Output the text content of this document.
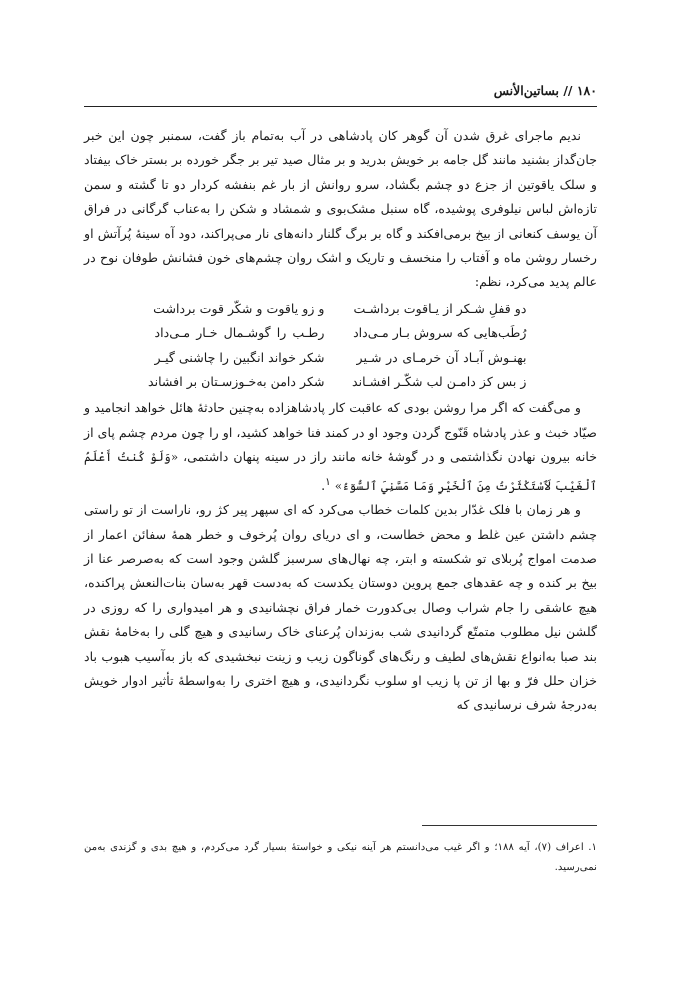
۱۸۰ // بساتین‌الأنس

ندیم ماجرای غرق شدن آن گوهر کان پادشاهی در آب به‌تمام باز گفت، سمنبر چون این خبر جان‌گداز بشنید مانند گل جامه بر خویش بدرید و بر مثال صید تیر بر جگر خورده بر بستر خاک بیفتاد و سلک یاقوتین از جزع دو چشم بگشاد، سرو روانش از بار غم بنفشه کردار دو تا گشته و سمن تازه‌اش لباس نیلوفری پوشیده، گاه سنبل مشک‌بوی و شمشاد و شکن را به‌عناب گرگانی در فراق آن یوسف کنعانی از بیخ برمی‌افکند و گاه بر برگ گلنار دانه‌های نار می‌پراکند، دود آه سینهٔ پُرآتش او رخسار روشن ماه و آفتاب را منخسف و تاریک و اشک روان چشم‌های خون فشانش طوفان نوح در عالم پدید می‌کرد، نظم:

دو قفلِ شـکر از یـاقوت برداشـت
و زو یاقوت و شکّر قوت برداشت
رُطَب‌هایی که سروش بـار مـی‌داد
رطـب را گوشـمال خـار مـی‌داد
بهنـوش آبـاد آن خرمـای در شـیر
شکر خواند انگبین را چاشنی گیـر
ز بس کز دامـن لب شکّـر افشـاند
شکر دامن به‌خـوزسـتان بر افشاند

و می‌گفت که اگر مرا روشن بودی که عاقبت کار پادشاهزاده به‌چنین حادثهٔ هائل خواهد انجامید و صیّاد خبث و عذر پادشاه قَنّوج گردن وجود او در کمند فنا خواهد کشید، او را چون مردم چشم پای از خانه بیرون نهادن نگذاشتمی و در گوشهٔ خانه مانند راز در سینه پنهان داشتمی، «وَلَوْ كُنتُ أَعْلَمُ ٱلْغَيْبَ لَٱسْتَكْثَرْتُ مِنَ ٱلْخَيْرِ وَمَا مَسَّنِيَ ٱلسُّوٓءُ» $^۱$.

و هر زمان با فلک غدّار بدین کلمات خطاب می‌کرد که ای سپهر پیر کژ رو، ناراست از تو راستی چشم داشتن عین غلط و محض خطاست، و ای دریای روان پُرخوف و خطر همهٔ سفائن اعمار از صدمت امواج پُربلای تو شکسته و ابتر، چه نهال‌های سرسبز گلشن وجود است که به‌صرصر عنا از بیخ بر کنده و چه عقدهای جمع پروین دوستان یکدست که به‌دست قهر به‌سان بنات‌النعش پراکنده، هیچ عاشقی را جام شراب وصال بی‌کدورت خمار فراق نچشانیدی و هر امیدواری را که روزی در گلشن نیل مطلوب متمتّع گردانیدی شب به‌زندان پُرعنای خاک رسانیدی و هیچ گلی را به‌خامهٔ نقش بند صبا به‌انواع نقش‌های لطیف و رنگ‌های گوناگون زیب و زینت نبخشیدی که باز به‌آسیب هبوب باد خزان حلل فرّ و بها از تن پا زیب او سلوب نگردانیدی، و هیچ اختری را به‌واسطهٔ تأثیر ادوار خویش به‌درجهٔ شرف نرسانیدی که

۱. اعراف (۷)، آیه ۱۸۸؛ و اگر غیب می‌دانستم هر آینه نیکی و خواستهٔ بسیار گرد می‌کردم، و هیچ بدی و گزندی به‌من نمی‌رسید.
